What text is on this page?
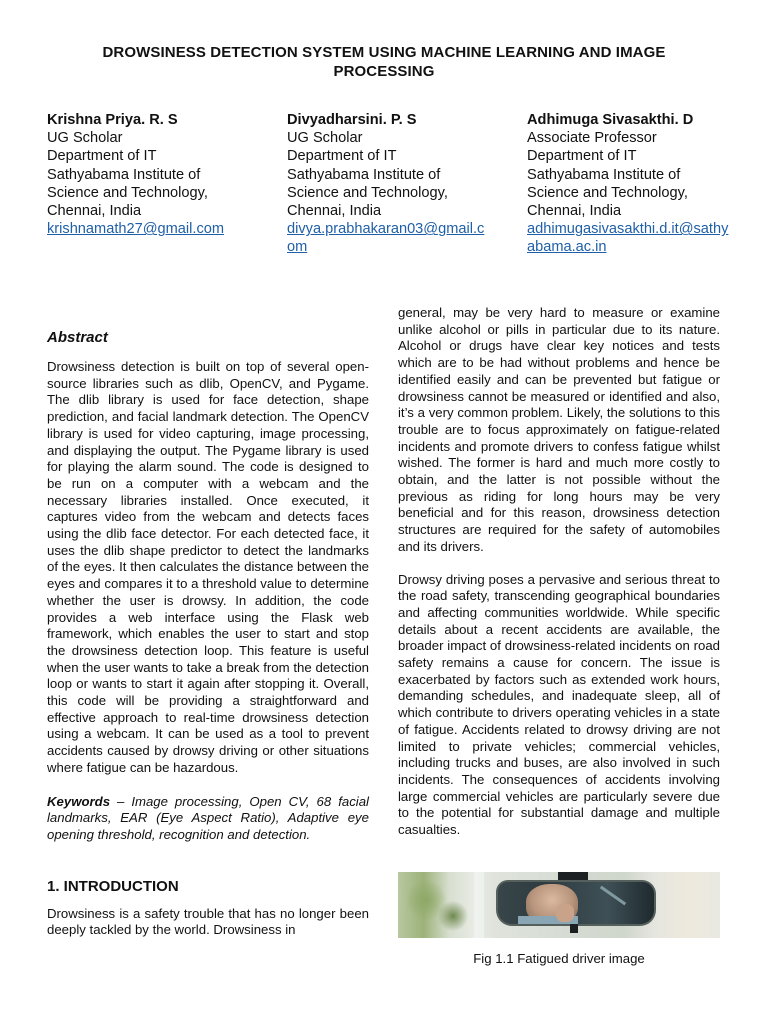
DROWSINESS DETECTION SYSTEM USING MACHINE LEARNING AND IMAGE PROCESSING
Krishna Priya. R. S
UG Scholar
Department of IT
Sathyabama Institute of
Science and Technology,
Chennai, India
krishnamath27@gmail.com
Divyadharsini. P. S
UG Scholar
Department of IT
Sathyabama Institute of
Science and Technology,
Chennai, India
divya.prabhakaran03@gmail.com
Adhimuga Sivasakthi. D
Associate Professor
Department of IT
Sathyabama Institute of
Science and Technology,
Chennai, India
adhimugasivasakthi.d.it@sathyabama.ac.in
Abstract

Drowsiness detection is built on top of several open-source libraries such as dlib, OpenCV, and Pygame. The dlib library is used for face detection, shape prediction, and facial landmark detection. The OpenCV library is used for video capturing, image processing, and displaying the output. The Pygame library is used for playing the alarm sound. The code is designed to be run on a computer with a webcam and the necessary libraries installed. Once executed, it captures video from the webcam and detects faces using the dlib face detector. For each detected face, it uses the dlib shape predictor to detect the landmarks of the eyes. It then calculates the distance between the eyes and compares it to a threshold value to determine whether the user is drowsy. In addition, the code provides a web interface using the Flask web framework, which enables the user to start and stop the drowsiness detection loop. This feature is useful when the user wants to take a break from the detection loop or wants to start it again after stopping it. Overall, this code will be providing a straightforward and effective approach to real-time drowsiness detection using a webcam. It can be used as a tool to prevent accidents caused by drowsy driving or other situations where fatigue can be hazardous.

Keywords – Image processing, Open CV, 68 facial landmarks, EAR (Eye Aspect Ratio), Adaptive eye opening threshold, recognition and detection.

1. INTRODUCTION

Drowsiness is a safety trouble that has no longer been deeply tackled by the world. Drowsiness in

general, may be very hard to measure or examine unlike alcohol or pills in particular due to its nature. Alcohol or drugs have clear key notices and tests which are to be had without problems and hence be identified easily and can be prevented but fatigue or drowsiness cannot be measured or identified and also, it’s a very common problem. Likely, the solutions to this trouble are to focus approximately on fatigue-related incidents and promote drivers to confess fatigue whilst wished. The former is hard and much more costly to obtain, and the latter is not possible without the previous as riding for long hours may be very beneficial and for this reason, drowsiness detection structures are required for the safety of automobiles and its drivers.

Drowsy driving poses a pervasive and serious threat to the road safety, transcending geographical boundaries and affecting communities worldwide. While specific details about a recent accidents are available, the broader impact of drowsiness-related incidents on road safety remains a cause for concern. The issue is exacerbated by factors such as extended work hours, demanding schedules, and inadequate sleep, all of which contribute to drivers operating vehicles in a state of fatigue. Accidents related to drowsy driving are not limited to private vehicles; commercial vehicles, including trucks and buses, are also involved in such incidents. The consequences of accidents involving large commercial vehicles are particularly severe due to the potential for substantial damage and multiple casualties.

Fig 1.1 Fatigued driver image
